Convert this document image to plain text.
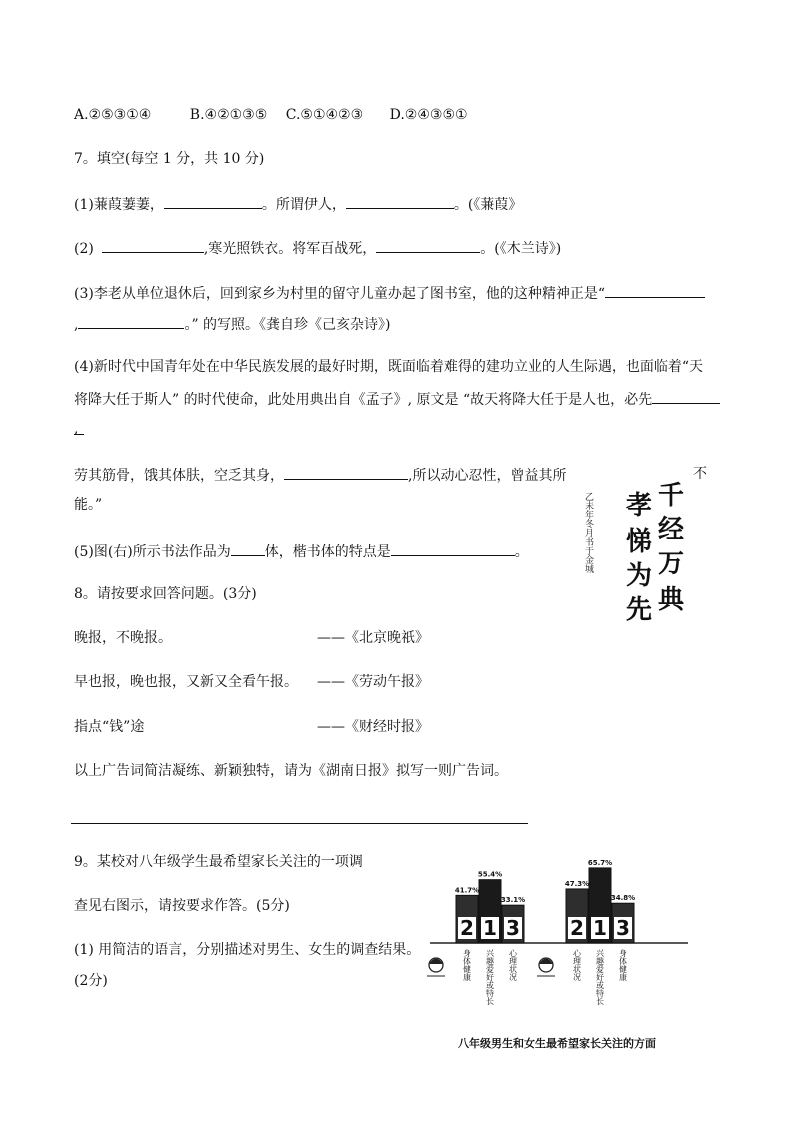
A.②⑤③①④	B.④②①③⑤ C.⑤①④②③ D.②④③⑤①
7。填空(每空 1 分，共 10 分)
(1)蒹葭萋萋，	。所谓伊人，	。(《蒹葭》
(2)	,寒光照铁衣。将军百战死，	。(《木兰诗》)
(3)李老从单位退休后，回到家乡为村里的留守儿童办起了图书室，他的这种精神正是“
,	。” 的写照。《龚自珍《己亥杂诗》)
(4)新时代中国青年处在中华民族发展的最好时期，既面临着难得的建功立业的人生际遇，也面临着“天
将降大任于斯人” 的时代使命，此处用典出自《孟子》, 原文是 “故天将降大任于是人也，必先
,
劳其筋骨，饿其体肤，空乏其身，	,所以动心忍性，曾益其所	不
能。”
(5)图(右)所示书法作品为 体，楷书体的特点是	。
千
经
万
典
孝
悌
为
先
乙未年冬月书于金城
8。请按要求回答问题。(3分)
晚报，不晚报。	——《北京晚祇》
早也报，晚也报，又新又全看午报。 ——《劳动午报》
指点“钱”途	——《财经时报》
以上广告词简洁凝练、新颖独特，请为《湖南日报》拟写一则广告词。
9。某校对八年级学生最希望家长关注的一项调
查见右图示，请按要求作答。(5分)
(1) 用简洁的语言，分别描述对男生、女生的调查结果。
(2分)
2
41.7%
身体健康
1
55.4%
兴趣爱好或特长
3
33.1%
心理状况
2
47.3%
心理状况
1
65.7%
兴趣爱好或特长
3
34.8%
身体健康
八年级男生和女生最希望家长关注的方面
